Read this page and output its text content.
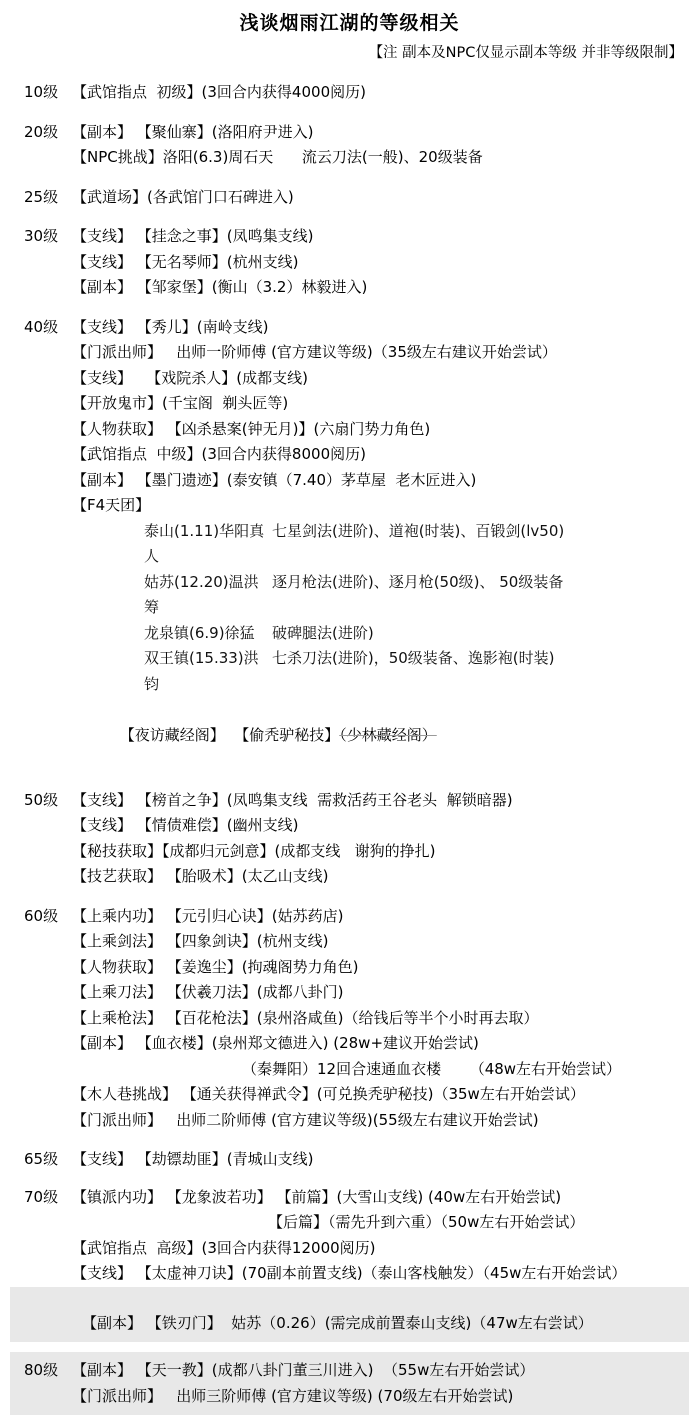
浅谈烟雨江湖的等级相关
【注 副本及NPC仅显示副本等级 并非等级限制】
10级 【武馆指点  初级】(3回合内获得4000阅历)
20级 【副本】 【聚仙寨】(洛阳府尹进入)
【NPC挑战】洛阳(6.3)周石天      流云刀法(一般)、20级装备
25级 【武道场】(各武馆门口石碑进入)
30级 【支线】 【挂念之事】(凤鸣集支线)
【支线】 【无名琴师】(杭州支线)
【副本】 【邹家堡】(衡山（3.2）林毅进入)
40级 【支线】 【秀儿】(南岭支线)
【门派出师】   出师一阶师傅 (官方建议等级)（35级左右建议开始尝试）
【支线】   【戏院杀人】(成都支线)
【开放鬼市】(千宝阁  剃头匠等)
【人物获取】 【凶杀悬案(钟无月)】(六扇门势力角色)
【武馆指点  中级】(3回合内获得8000阅历)
【副本】 【墨门遗迹】(泰安镇（7.40）茅草屋  老木匠进入)
【F4天团】
泰山(1.11)华阳真人
七星剑法(进阶)、道袍(时装)、百锻剑(lv50)
姑苏(12.20)温洪筹
逐月枪法(进阶)、逐月枪(50级)、 50级装备
龙泉镇(6.9)徐猛	破碑腿法(进阶)
双王镇(15.33)洪钧
七杀刀法(进阶)，50级装备、逸影袍(时装)

【夜访藏经阁】  【偷秃驴秘技】（少林藏经阁）

50级 【支线】 【榜首之争】(凤鸣集支线  需救活药王谷老头  解锁暗器)
【支线】 【情债难偿】(幽州支线)
【秘技获取】【成都归元剑意】(成都支线   谢狗的挣扎)
【技艺获取】 【胎吸术】(太乙山支线)
60级 【上乘内功】 【元引归心诀】(姑苏药店)
【上乘剑法】 【四象剑诀】(杭州支线)
【人物获取】 【姜逸尘】(拘魂阁势力角色)
【上乘刀法】 【伏羲刀法】(成都八卦门)
【上乘枪法】 【百花枪法】(泉州洛咸鱼)（给钱后等半个小时再去取）
【副本】 【血衣楼】(泉州郑文德进入) (28w+建议开始尝试)
（秦舞阳）12回合速通血衣楼      （48w左右开始尝试）
【木人巷挑战】 【通关获得禅武令】(可兑换秃驴秘技)（35w左右开始尝试）
【门派出师】   出师二阶师傅 (官方建议等级)(55级左右建议开始尝试)
65级 【支线】 【劫镖劫匪】(青城山支线)
70级 【镇派内功】 【龙象波若功】 【前篇】(大雪山支线) (40w左右开始尝试)
【后篇】（需先升到六重）（50w左右开始尝试）
【武馆指点  高级】(3回合内获得12000阅历)
【支线】 【太虚神刀诀】(70副本前置支线)（泰山客栈触发）（45w左右开始尝试）
【副本】 【铁刃门】  姑苏（0.26）(需完成前置泰山支线)（47w左右尝试）
80级 【副本】 【天一教】(成都八卦门董三川进入)  （55w左右开始尝试）
【门派出师】   出师三阶师傅 (官方建议等级) (70级左右开始尝试)
